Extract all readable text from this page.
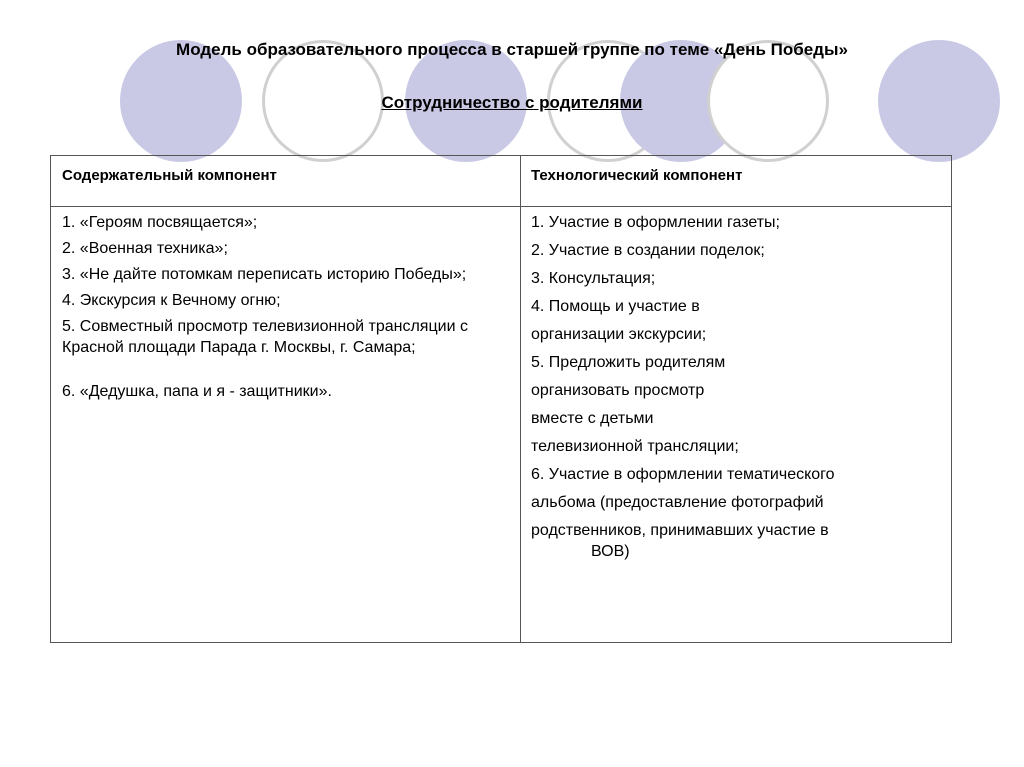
Модель образовательного процесса в старшей группе по теме «День Победы»
Сотрудничество с родителями
Содержательный компонент	Технологический компонент
1. «Героям посвящается»;
2. «Военная техника»;
3. «Не дайте потомкам переписать историю Победы»;
4. Экскурсия к Вечному огню;
5. Совместный просмотр телевизионной трансляции с Красной площади Парада г. Москвы, г. Самара;
6. «Дедушка, папа и я - защитники».
1. Участие в оформлении газеты;
2. Участие в создании поделок;
3. Консультация;
4. Помощь и участие в
организации экскурсии;
5. Предложить родителям
организовать просмотр
вместе с детьми
телевизионной трансляции;
6. Участие в оформлении тематического
альбома (предоставление фотографий
родственников, принимавших участие в
ВОВ)
